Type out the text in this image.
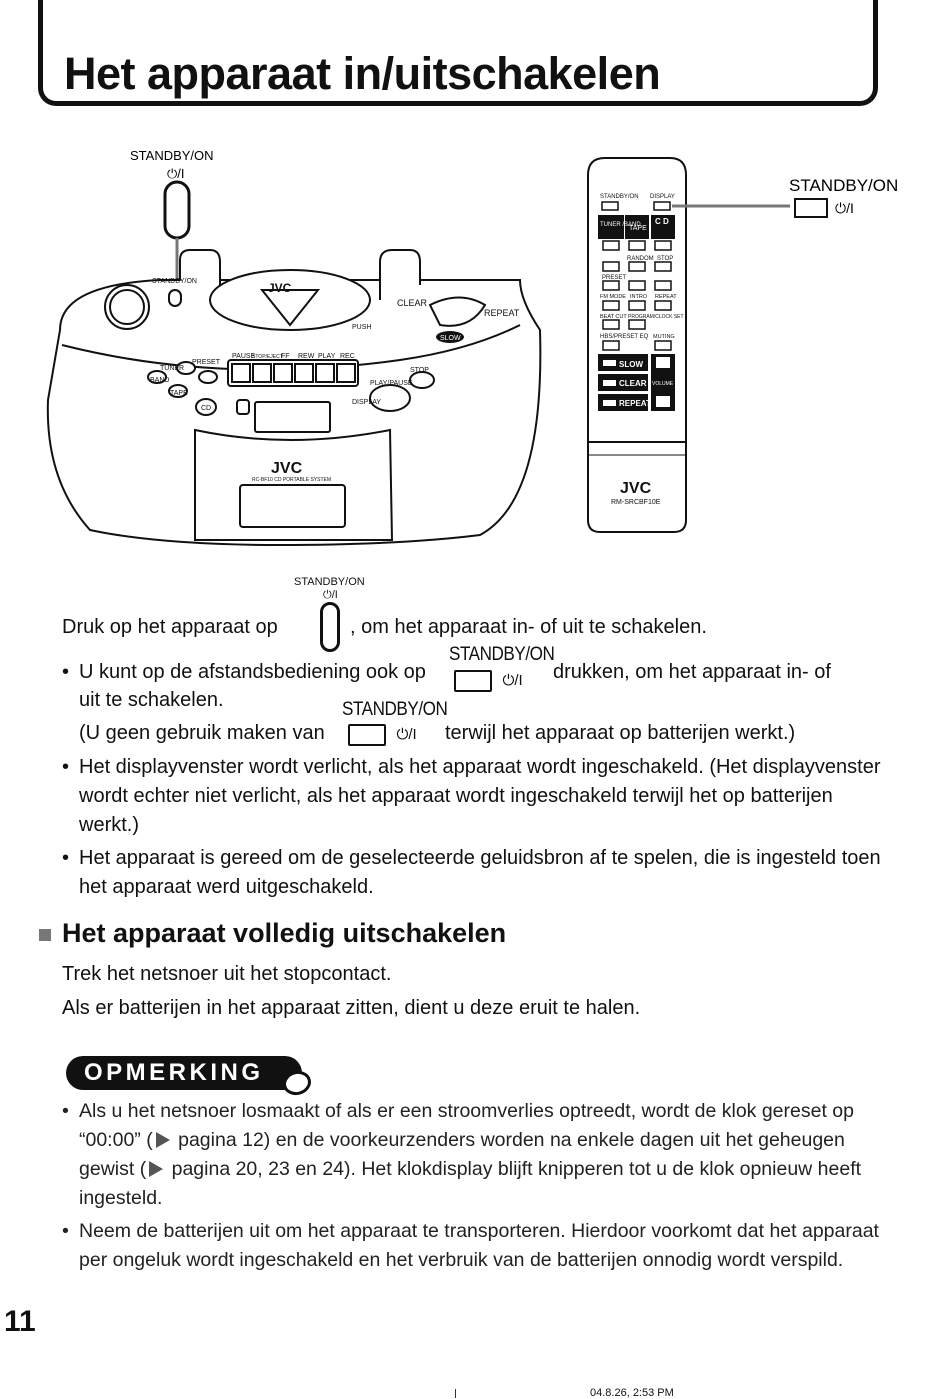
Het apparaat in/uitschakelen
STANDBY/ON
⏻/I
STANDBY/ON
CLEAR
REPEAT
SLOW
PUSH
PAUSE
STOP/EJECT
FF REW PLAY REC
TUNER
BAND
PRESET
TAPE
CD
STOP
PLAY/PAUSE
DISPLAY
JVC
RC-BF10 CD PORTABLE SYSTEM
JVC
STANDBY/ON DISPLAY
TUNER /BAND
TAPE
C D
RANDOM STOP
PRESET
FM MODE INTRO REPEAT
BEAT CUT PROGRAM/CLOCK SET
HBS/PRESET EQ MUTING
SLOW
CLEAR
REPEAT
VOLUME
JVC
RM-SRCBF10E
STANDBY/ON
⏻/I
STANDBY/ON
⏻/I
Druk op het apparaat op	, om het apparaat in- of uit te schakelen.
STANDBY/ON
⏻/I
• U kunt op de afstandsbediening ook op	drukken, om het apparaat in- of
uit te schakelen.	STANDBY/ON
⏻/I
(U geen gebruik maken van	terwijl het apparaat op batterijen werkt.)
• Het displayvenster wordt verlicht, als het apparaat wordt ingeschakeld. (Het displayvenster wordt echter niet verlicht, als het apparaat wordt ingeschakeld terwijl het op batterijen werkt.)
• Het apparaat is gereed om de geselecteerde geluidsbron af te spelen, die is ingesteld toen het apparaat werd uitgeschakeld.
Het apparaat volledig uitschakelen
Trek het netsnoer uit het stopcontact.
Als er batterijen in het apparaat zitten, dient u deze eruit te halen.
OPMERKING
• Als u het netsnoer losmaakt of als er een stroomverlies optreedt, wordt de klok gereset op “00:00” ( pagina 12) en de voorkeurzenders worden na enkele dagen uit het geheugen gewist ( pagina 20, 23 en 24). Het klokdisplay blijft knipperen tot u de klok opnieuw heeft ingesteld.
• Neem de batterijen uit om het apparaat te transporteren. Hierdoor voorkomt dat het apparaat per ongeluk wordt ingeschakeld en het verbruik van de batterijen onnodig wordt verspild.
11
04.8.26, 2:53 PM
